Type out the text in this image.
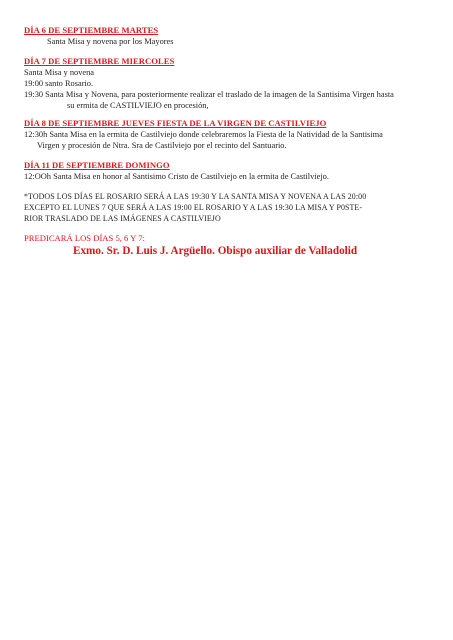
DÍA 6 DE SEPTIEMBRE MARTES
Santa Misa y novena por los Mayores
DÍA 7 DE SEPTIEMBRE MIERCOLES
Santa Misa y novena
19:00 santo Rosario.
19:30 Santa Misa y Novena, para posteriormente realizar el traslado de la imagen de la Santisima Virgen hasta
su ermita de CASTILVIEJO en procesión,
DÍA 8 DE SEPTIEMBRE JUEVES FIESTA DE LA VIRGEN DE CASTILVIEJO
12:30h Santa Misa en la ermita de Castilviejo donde celebraremos la Fiesta de la Natividad de la Santisima
Virgen y procesión de Ntra. Sra de Castilviejo por el recinto del Santuario.
DÍA 11 DE SEPTIEMBRE DOMINGO
12:OOh Santa Misa en honor al Santisimo Cristo de Castilviejo en la ermita de Castilviejo.
*TODOS LOS DÍAS EL ROSARIO SERÁ A LAS 19:30 Y LA SANTA MISA Y NOVENA A LAS 20:00
EXCEPTO EL LUNES 7 QUE SERÁ A LAS 19:00 EL ROSARIO Y A LAS 19:30 LA MISA Y P0STE-
RIOR TRASLADO DE LAS IMÁGENES A CASTILVIEJO
PREDICARÁ LOS DÍAS 5, 6 Y 7:
Exmo. Sr. D. Luis J. Argüello. Obispo auxiliar de Valladolid
